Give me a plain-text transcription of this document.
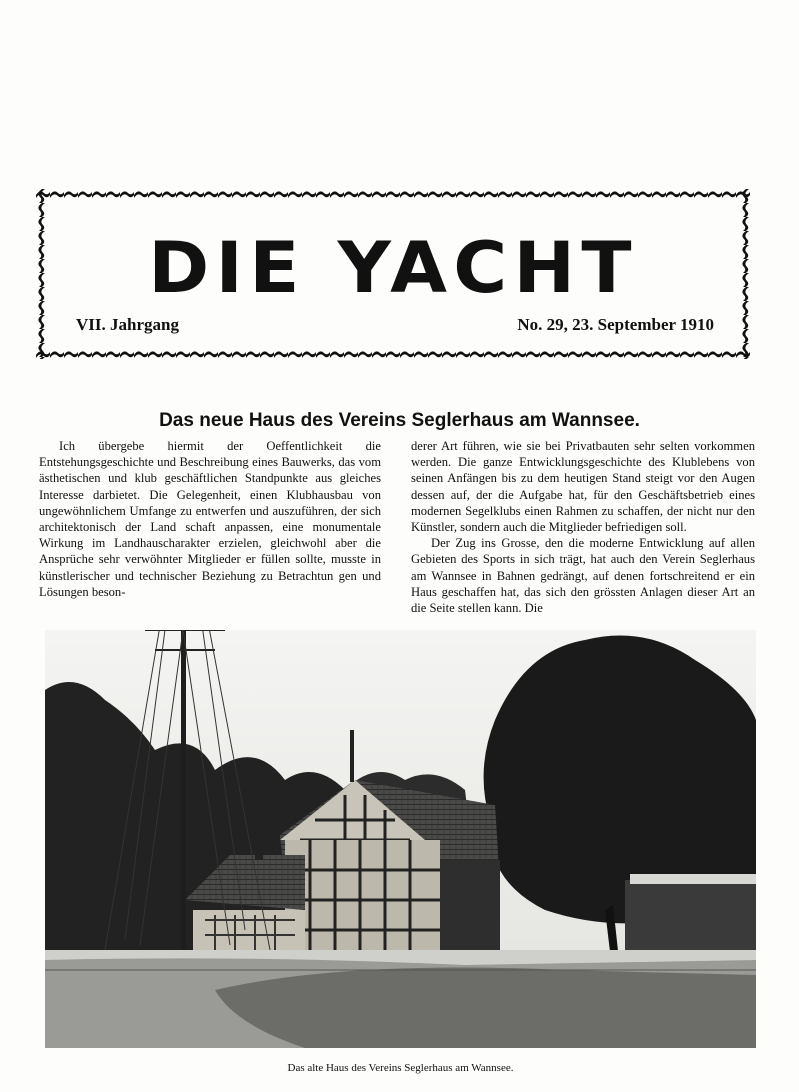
DIE YACHT
VII. Jahrgang	No. 29, 23. September 1910
Das neue Haus des Vereins Seglerhaus am Wannsee.

Ich übergebe hiermit der Oeffentlichkeit die Entstehungsgeschichte und Beschreibung eines Bauwerks, das vom ästhetischen und klub geschäftlichen Standpunkte aus gleiches Interesse darbietet. Die Gelegenheit, einen Klubhausbau von ungewöhnlichem Umfange zu entwerfen und auszuführen, der sich architektonisch der Land schaft anpassen, eine monumentale Wirkung im Landhauscharakter erzielen, gleichwohl aber die Ansprüche sehr verwöhnter Mitglieder er füllen sollte, musste in künstlerischer und technischer Beziehung zu Betrachtun gen und Lösungen beson-

derer Art führen, wie sie bei Privatbauten sehr selten vorkommen werden. Die ganze Entwicklungsgeschichte des Klublebens von seinen Anfängen bis zu dem heutigen Stand steigt vor den Augen dessen auf, der die Aufgabe hat, für den Geschäftsbetrieb eines modernen Segelklubs einen Rahmen zu schaffen, der nicht nur den Künstler, sondern auch die Mitglieder befriedigen soll.

Der Zug ins Grosse, den die moderne Entwicklung auf allen Gebieten des Sports in sich trägt, hat auch den Verein Seglerhaus am Wannsee in Bahnen gedrängt, auf denen fortschreitend er ein Haus geschaffen hat, das sich den grössten Anlagen dieser Art an die Seite stellen kann. Die

Das alte Haus des Vereins Seglerhaus am Wannsee.
